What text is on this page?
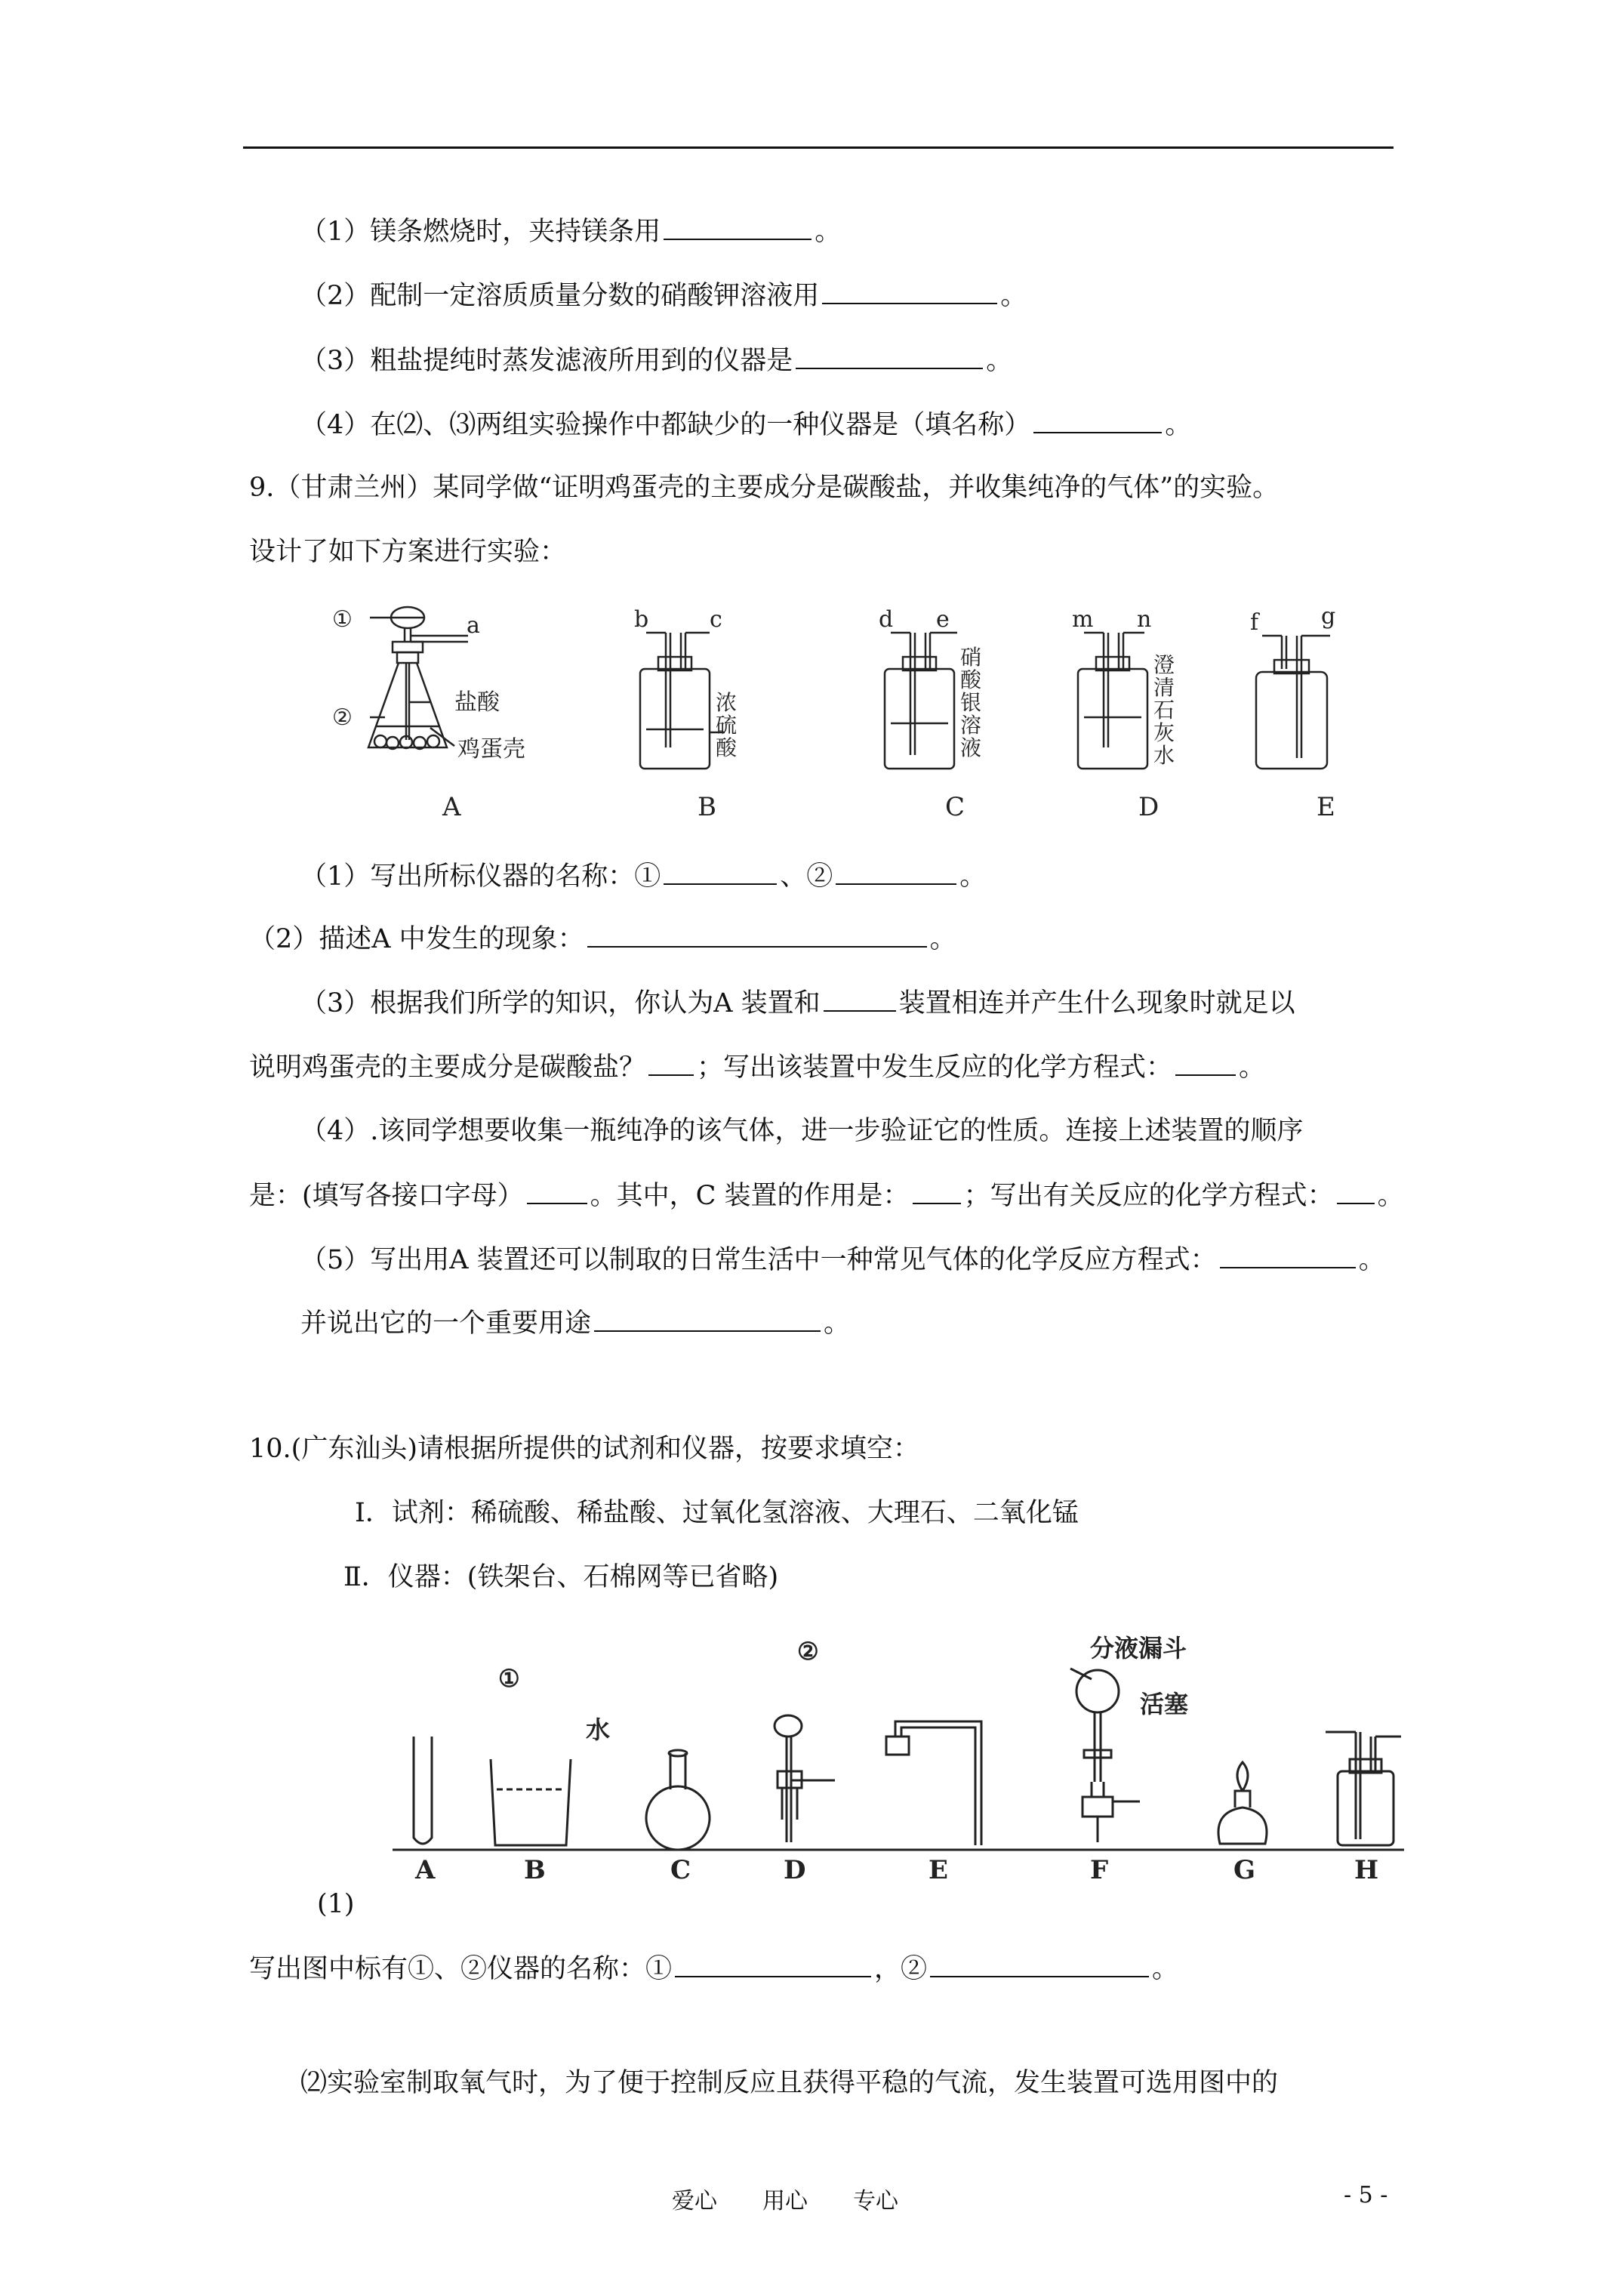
（1）镁条燃烧时，夹持镁条用	。
（2）配制一定溶质质量分数的硝酸钾溶液用	。
（3）粗盐提纯时蒸发滤液所用到的仪器是	。
（4）在⑵、⑶两组实验操作中都缺少的一种仪器是（填名称）	。
9.（甘肃兰州）某同学做“证明鸡蛋壳的主要成分是碳酸盐，并收集纯净的气体”的实验。
设计了如下方案进行实验：
①
②
a
盐酸
鸡蛋壳
b	c	d e	m n	f	g
浓硫酸
硝酸银溶液
澄清石灰水
A	B	C	D	E
（1）写出所标仪器的名称：①	、②	。
（2）描述A 中发生的现象：	。
（3）根据我们所学的知识，你认为A 装置和	装置相连并产生什么现象时就足以
说明鸡蛋壳的主要成分是碳酸盐？ ；写出该装置中发生反应的化学方程式：	。
（4）.该同学想要收集一瓶纯净的该气体，进一步验证它的性质。连接上述装置的顺序
是：(填写各接口字母）	。其中，C 装置的作用是： ；写出有关反应的化学方程式： 。
（5）写出用A 装置还可以制取的日常生活中一种常见气体的化学反应方程式：	。
并说出它的一个重要用途	。
10.(广东汕头)请根据所提供的试剂和仪器，按要求填空：
Ⅰ．试剂：稀硫酸、稀盐酸、过氧化氢溶液、大理石、二氧化锰
Ⅱ．仪器：(铁架台、石棉网等已省略)
①
②
水
分液漏斗
活塞
A	B	C	D	E	F	G	H
(1)
写出图中标有①、②仪器的名称：①	，②	。
⑵实验室制取氧气时，为了便于控制反应且获得平稳的气流，发生装置可选用图中的
爱心　　用心　　专心	- 5 -
